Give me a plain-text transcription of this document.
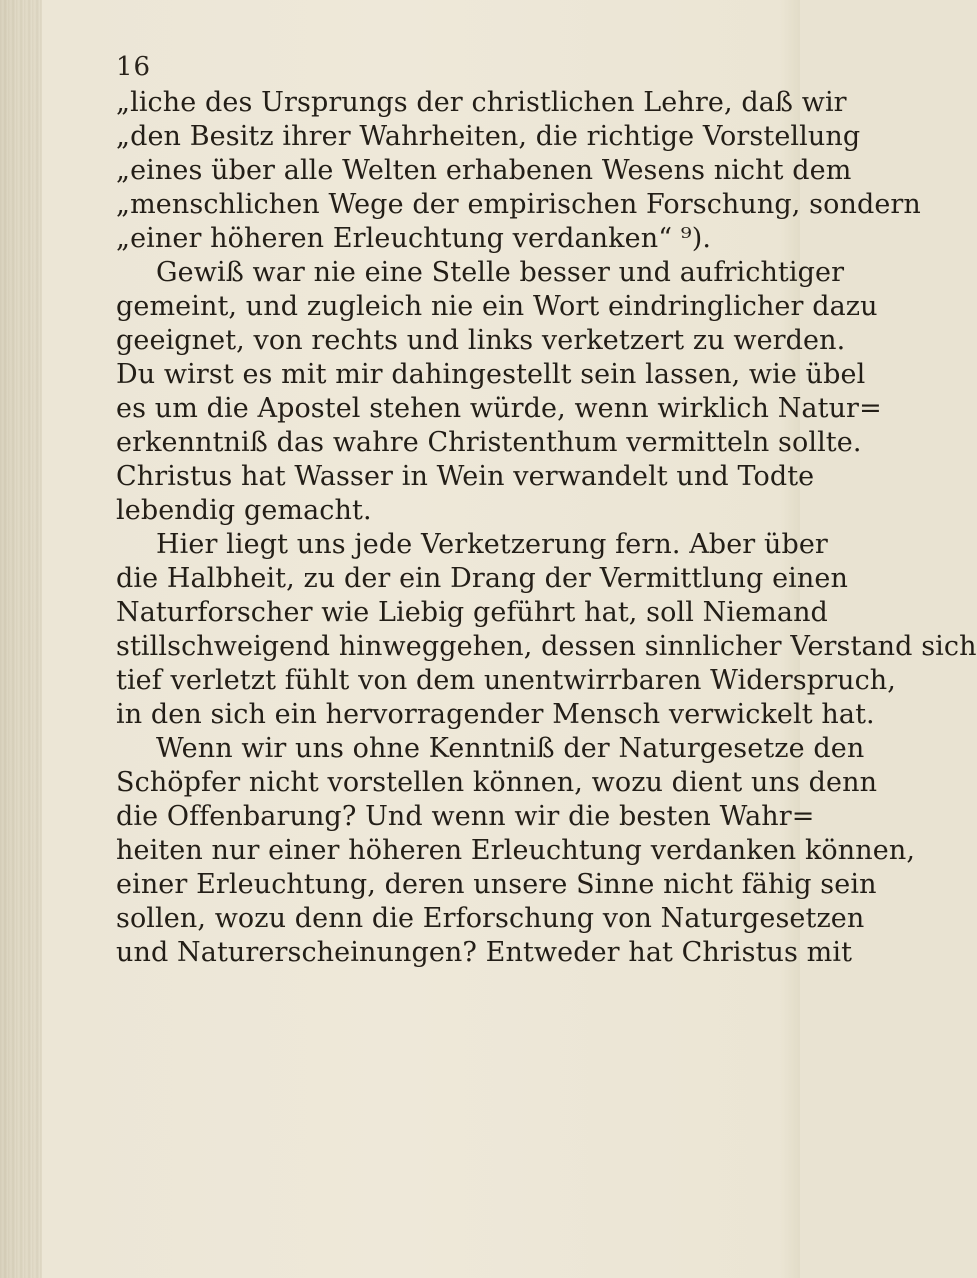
16
„liche des Ursprungs der christlichen Lehre, daß wir
„den Besitz ihrer Wahrheiten, die richtige Vorstellung
„eines über alle Welten erhabenen Wesens nicht dem
„menschlichen Wege der empirischen Forschung, sondern
„einer höheren Erleuchtung verdanken“ ⁹).
Gewiß war nie eine Stelle besser und aufrichtiger
gemeint, und zugleich nie ein Wort eindringlicher dazu
geeignet, von rechts und links verketzert zu werden.
Du wirst es mit mir dahingestellt sein lassen, wie übel
es um die Apostel stehen würde, wenn wirklich Natur=
erkenntniß das wahre Christenthum vermitteln sollte.
Christus hat Wasser in Wein verwandelt und Todte
lebendig gemacht.
Hier liegt uns jede Verketzerung fern. Aber über
die Halbheit, zu der ein Drang der Vermittlung einen
Naturforscher wie Liebig geführt hat, soll Niemand
stillschweigend hinweggehen, dessen sinnlicher Verstand sich
tief verletzt fühlt von dem unentwirrbaren Widerspruch,
in den sich ein hervorragender Mensch verwickelt hat.
Wenn wir uns ohne Kenntniß der Naturgesetze den
Schöpfer nicht vorstellen können, wozu dient uns denn
die Offenbarung? Und wenn wir die besten Wahr=
heiten nur einer höheren Erleuchtung verdanken können,
einer Erleuchtung, deren unsere Sinne nicht fähig sein
sollen, wozu denn die Erforschung von Naturgesetzen
und Naturerscheinungen? Entweder hat Christus mit
